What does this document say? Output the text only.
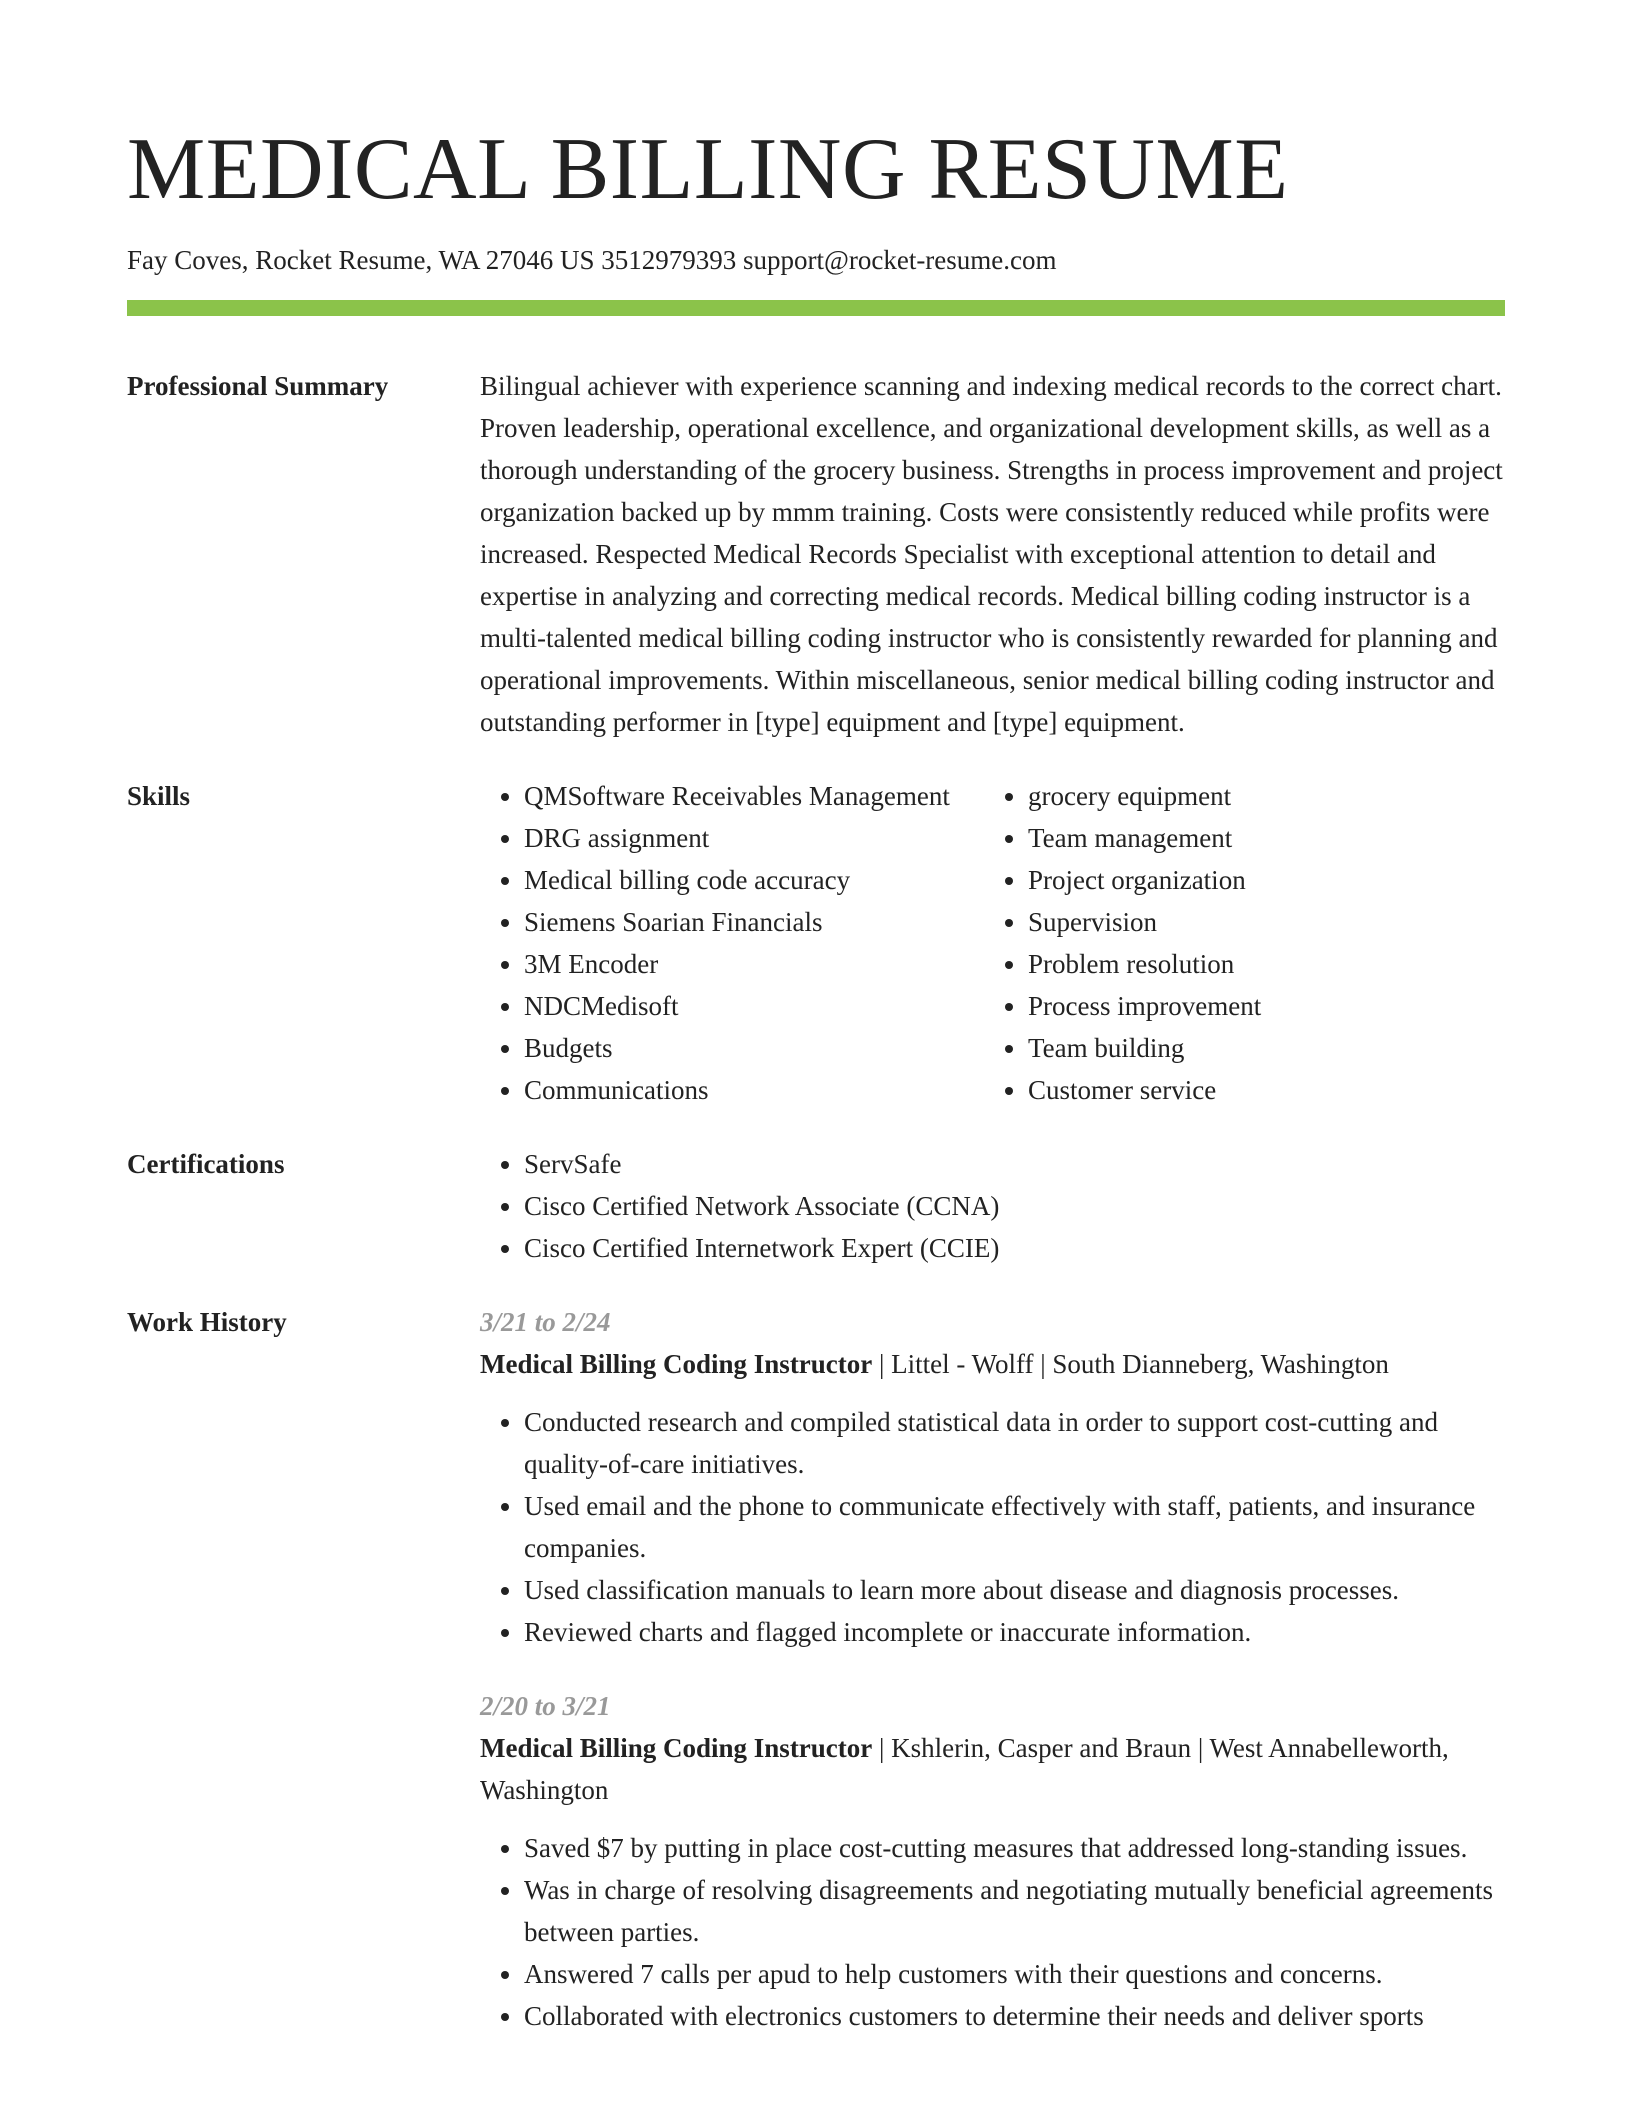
MEDICAL BILLING RESUME
Fay Coves, Rocket Resume, WA 27046 US 3512979393 support@rocket-resume.com
Professional Summary	Bilingual achiever with experience scanning and indexing medical records to the correct chart. Proven leadership, operational excellence, and organizational development skills, as well as a thorough understanding of the grocery business. Strengths in process improvement and project organization backed up by mmm training. Costs were consistently reduced while profits were increased. Respected Medical Records Specialist with exceptional attention to detail and expertise in analyzing and correcting medical records. Medical billing coding instructor is a multi-talented medical billing coding instructor who is consistently rewarded for planning and operational improvements. Within miscellaneous, senior medical billing coding instructor and outstanding performer in [type] equipment and [type] equipment.

Skills	• QMSoftware Receivables Management
• DRG assignment
• Medical billing code accuracy
• Siemens Soarian Financials
• 3M Encoder
• NDCMedisoft
• Budgets
• Communications
• grocery equipment
• Team management
• Project organization
• Supervision
• Problem resolution
• Process improvement
• Team building
• Customer service
Certifications	• ServSafe
• Cisco Certified Network Associate (CCNA)
• Cisco Certified Internetwork Expert (CCIE)
Work History	3/21 to 2/24
Medical Billing Coding Instructor | Littel - Wolff | South Dianneberg, Washington
• Conducted research and compiled statistical data in order to support cost-cutting and quality-of-care initiatives.
• Used email and the phone to communicate effectively with staff, patients, and insurance companies.
• Used classification manuals to learn more about disease and diagnosis processes.
• Reviewed charts and flagged incomplete or inaccurate information.
2/20 to 3/21
Medical Billing Coding Instructor | Kshlerin, Casper and Braun | West Annabelleworth, Washington
• Saved $7 by putting in place cost-cutting measures that addressed long-standing issues.
• Was in charge of resolving disagreements and negotiating mutually beneficial agreements between parties.
• Answered 7 calls per apud to help customers with their questions and concerns.
• Collaborated with electronics customers to determine their needs and deliver sports
